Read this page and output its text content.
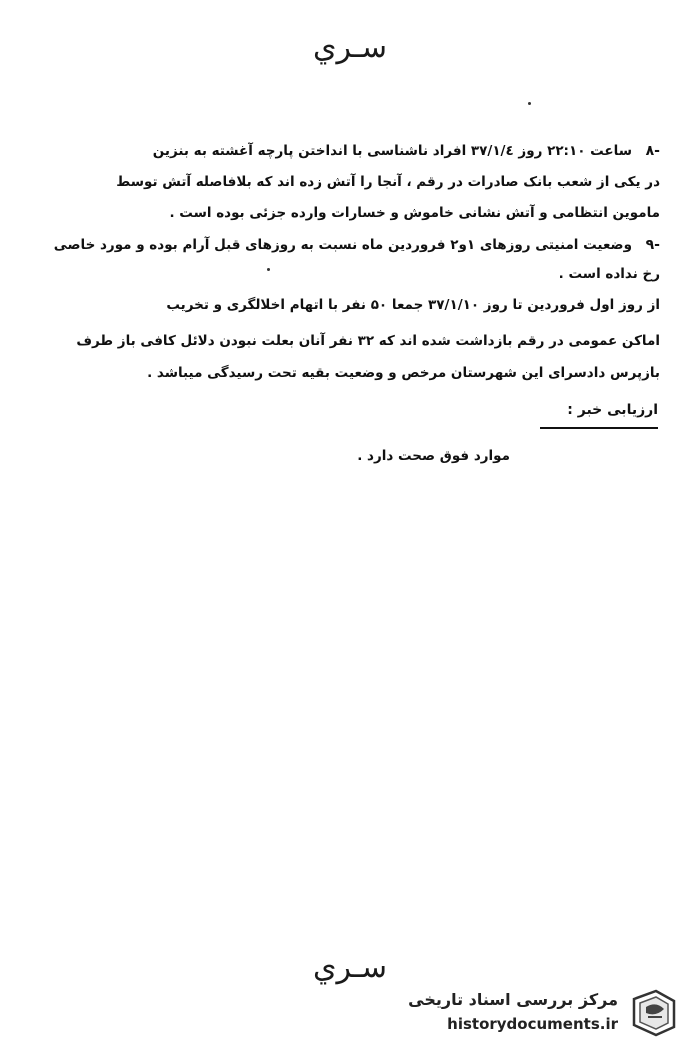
سـري
۸-
ساعت ۲۲:۱۰ روز ۳۷/۱/٤ افراد ناشناسی با انداختن پارچه آغشته به بنزين
در یکی از شعب بانک صادرات در رقم ، آنجا را آتش زده اند که بلافاصله آتش توسط
ماموین انتظامی و آتش نشانی خاموش و خسارات وارده جزئی بوده است .
۹-
وضعیت امنیتی روزهای ۱و۲ فروردین ماه نسبت به روزهای قبل آرام بوده و مورد خاصی
رخ نداده است .
از روز اول فروردین تا روز ۳۷/۱/۱۰ جمعا ۵۰ نفر با اتهام اخلالگری و تخریب
اماکن عمومی در رقم بازداشت شده اند که ۳۲ نفر آنان بعلت نبودن دلائل کافی باز طرف
بازپرس دادسرای این شهرستان مرخص و وضعیت بقیه تحت رسیدگی میباشد .
ارزیابی خبر :
موارد فوق صحت دارد .
سـري
مرکز بررسی اسناد تاریخی
historydocuments.ir
